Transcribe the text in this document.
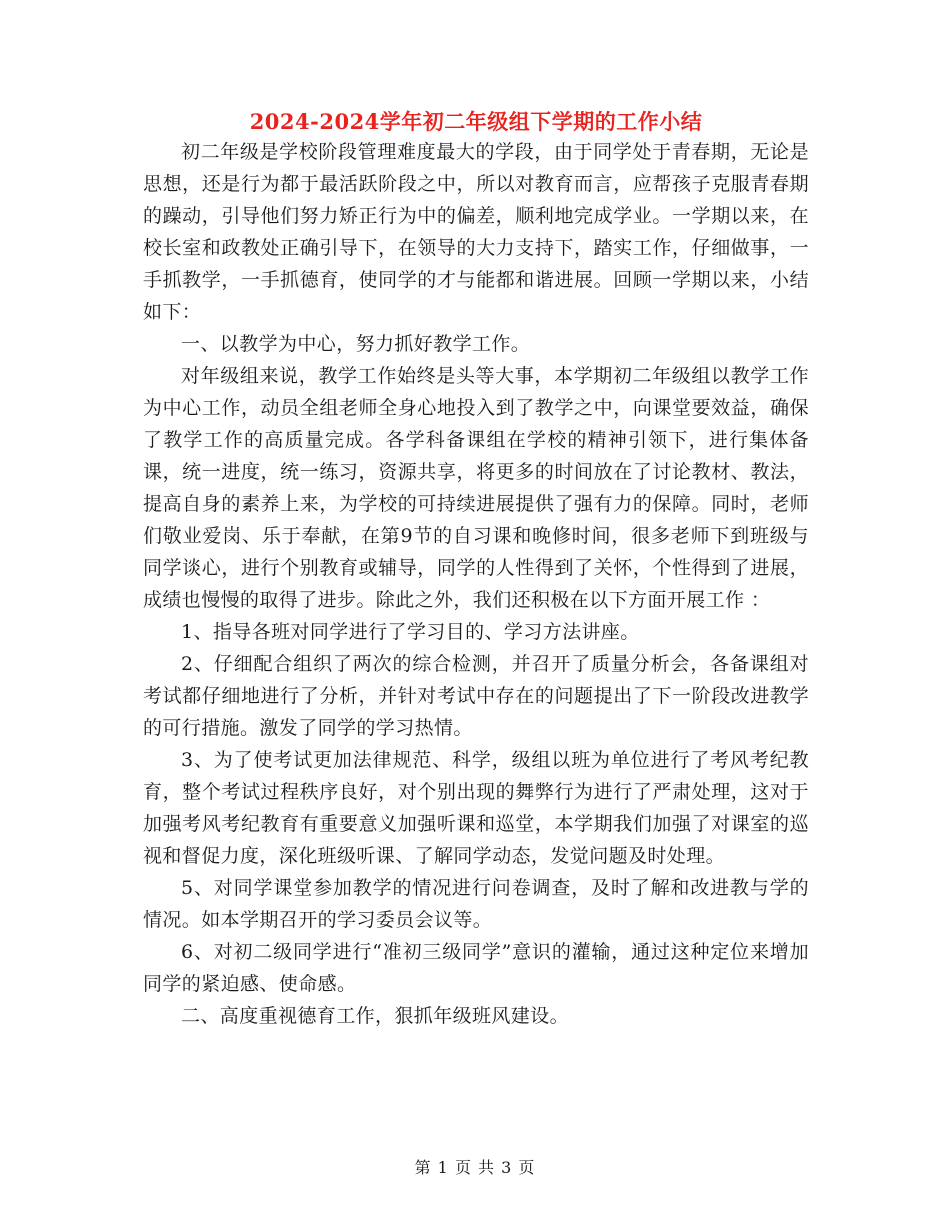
2024-2024学年初二年级组下学期的工作小结

初二年级是学校阶段管理难度最大的学段，由于同学处于青春期，无论是思想，还是行为都于最活跃阶段之中，所以对教育而言，应帮孩子克服青春期的躁动，引导他们努力矫正行为中的偏差，顺利地完成学业。一学期以来，在校长室和政教处正确引导下，在领导的大力支持下，踏实工作，仔细做事，一手抓教学，一手抓德育，使同学的才与能都和谐进展。回顾一学期以来，小结如下：

一、以教学为中心，努力抓好教学工作。

对年级组来说，教学工作始终是头等大事，本学期初二年级组以教学工作为中心工作，动员全组老师全身心地投入到了教学之中，向课堂要效益，确保了教学工作的高质量完成。各学科备课组在学校的精神引领下，进行集体备课，统一进度，统一练习，资源共享，将更多的时间放在了讨论教材、教法，提高自身的素养上来，为学校的可持续进展提供了强有力的保障。同时，老师们敬业爱岗、乐于奉献，在第9节的自习课和晚修时间，很多老师下到班级与同学谈心，进行个别教育或辅导，同学的人性得到了关怀，个性得到了进展，成绩也慢慢的取得了进步。除此之外，我们还积极在以下方面开展工作 ：

1、指导各班对同学进行了学习目的、学习方法讲座。

2、仔细配合组织了两次的综合检测，并召开了质量分析会，各备课组对考试都仔细地进行了分析，并针对考试中存在的问题提出了下一阶段改进教学的可行措施。激发了同学的学习热情。

3、为了使考试更加法律规范、科学，级组以班为单位进行了考风考纪教育，整个考试过程秩序良好，对个别出现的舞弊行为进行了严肃处理，这对于加强考风考纪教育有重要意义加强听课和巡堂，本学期我们加强了对课室的巡视和督促力度，深化班级听课、了解同学动态，发觉问题及时处理。

5、对同学课堂参加教学的情况进行问卷调查，及时了解和改进教与学的情况。如本学期召开的学习委员会议等。

6、对初二级同学进行“准初三级同学”意识的灌输，通过这种定位来增加同学的紧迫感、使命感。

二、高度重视德育工作，狠抓年级班风建设。

第 1 页 共 3 页
